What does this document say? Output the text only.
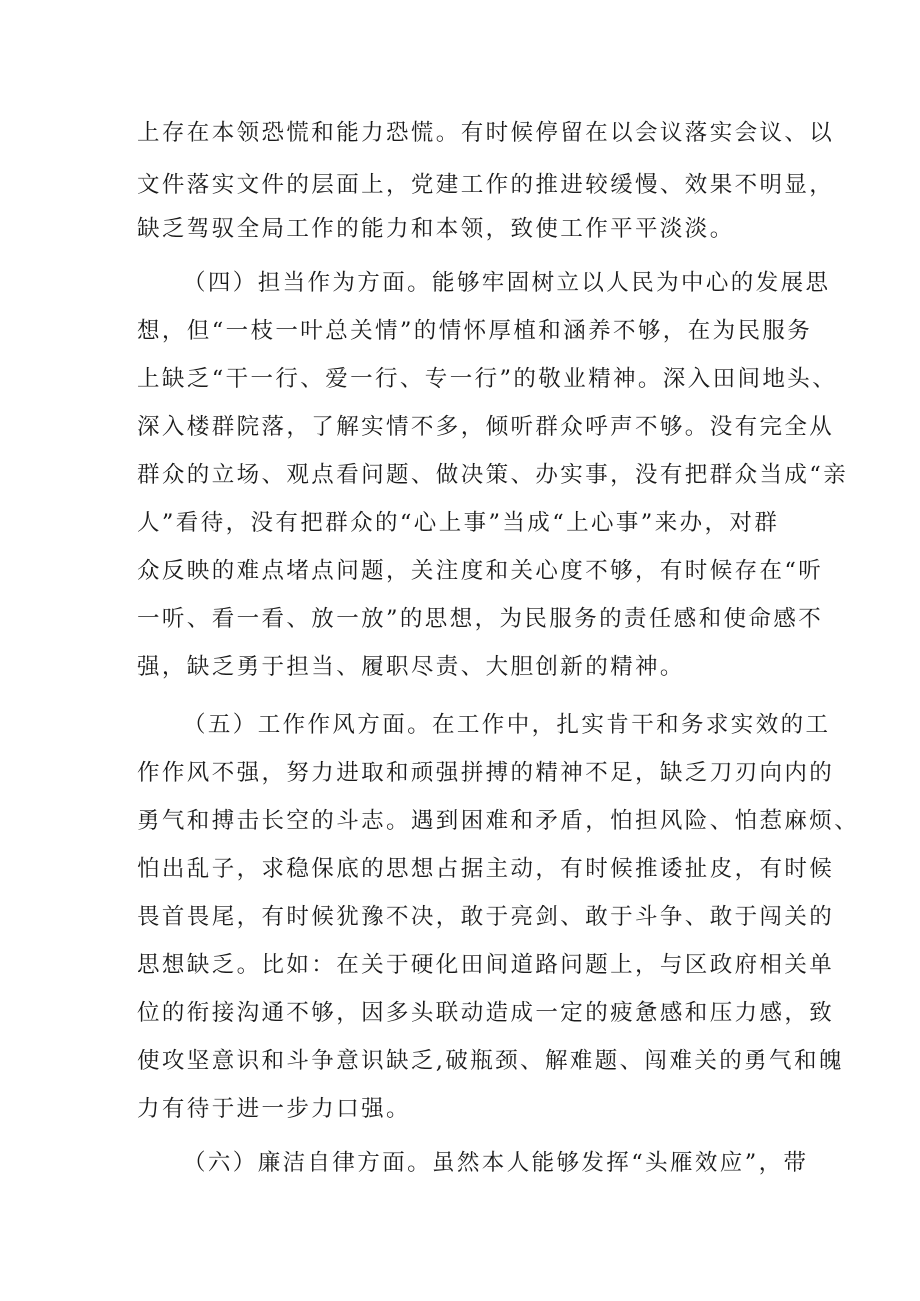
上存在本领恐慌和能力恐慌。有时候停留在以会议落实会议、以

文件落实文件的层面上，党建工作的推进较缓慢、效果不明显，

缺乏驾驭全局工作的能力和本领，致使工作平平淡淡。

（四）担当作为方面。能够牢固树立以人民为中心的发展思

想，但“一枝一叶总关情”的情怀厚植和涵养不够，在为民服务

上缺乏“干一行、爱一行、专一行”的敬业精神。深入田间地头、

深入楼群院落，了解实情不多，倾听群众呼声不够。没有完全从

群众的立场、观点看问题、做决策、办实事，没有把群众当成“亲

人”看待，没有把群众的“心上事”当成“上心事”来办，对群

众反映的难点堵点问题，关注度和关心度不够，有时候存在“听

一听、看一看、放一放”的思想，为民服务的责任感和使命感不

强，缺乏勇于担当、履职尽责、大胆创新的精神。

（五）工作作风方面。在工作中，扎实肯干和务求实效的工

作作风不强，努力进取和顽强拼搏的精神不足，缺乏刀刃向内的

勇气和搏击长空的斗志。遇到困难和矛盾，怕担风险、怕惹麻烦、

怕出乱子，求稳保底的思想占据主动，有时候推诿扯皮，有时候

畏首畏尾，有时候犹豫不决，敢于亮剑、敢于斗争、敢于闯关的

思想缺乏。比如：在关于硬化田间道路问题上，与区政府相关单

位的衔接沟通不够，因多头联动造成一定的疲惫感和压力感，致

使攻坚意识和斗争意识缺乏,破瓶颈、解难题、闯难关的勇气和魄

力有待于进一步力口强。

（六）廉洁自律方面。虽然本人能够发挥“头雁效应”，带
